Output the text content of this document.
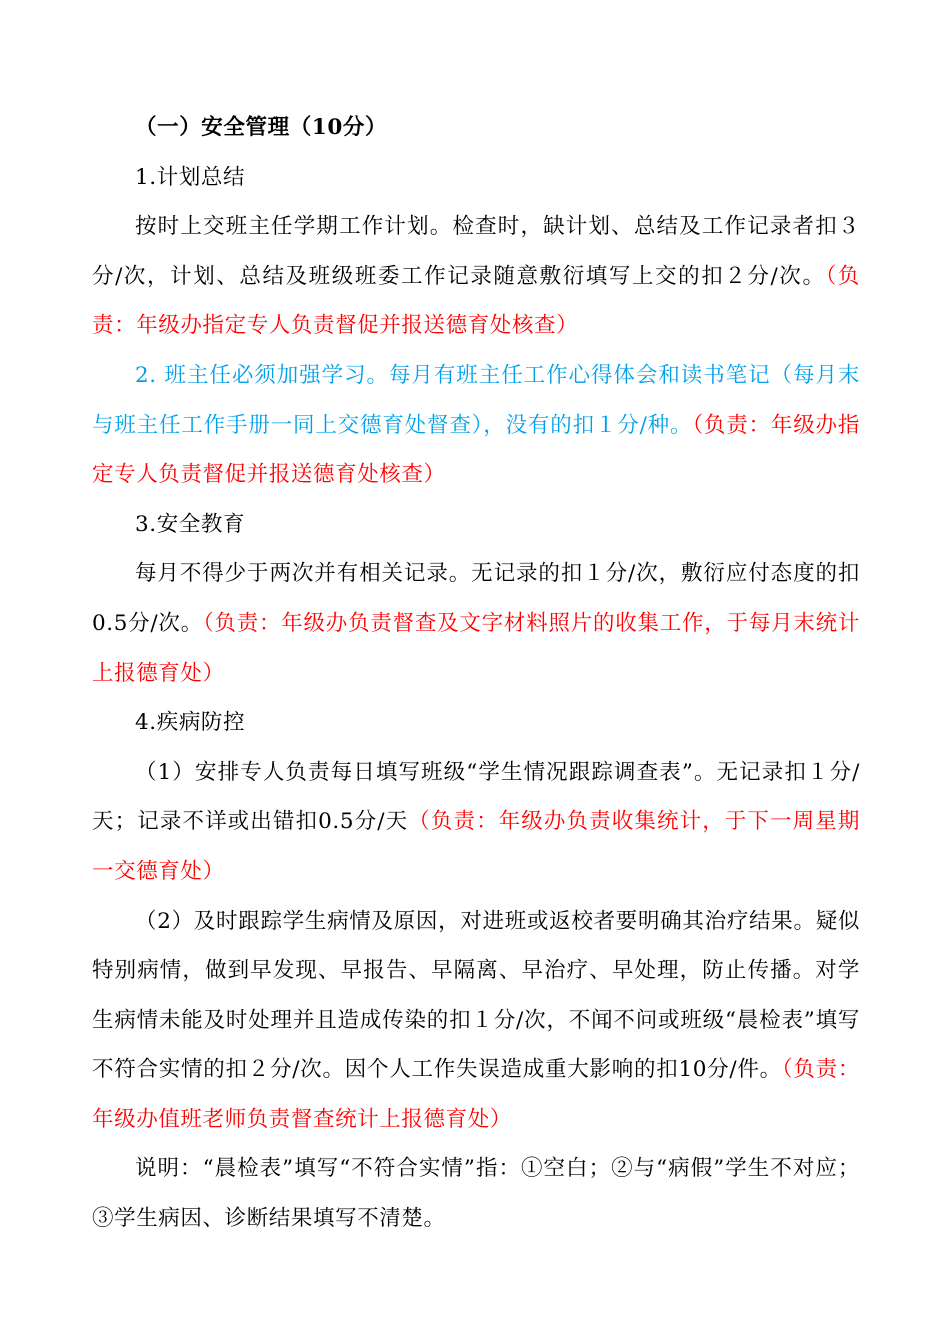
（一）安全管理（10分）

1.计划总结

按时上交班主任学期工作计划。检查时，缺计划、总结及工作记录者扣３分/次，计划、总结及班级班委工作记录随意敷衍填写上交的扣２分/次。（负责：年级办指定专人负责督促并报送德育处核查）

2. 班主任必须加强学习。每月有班主任工作心得体会和读书笔记（每月末与班主任工作手册一同上交德育处督查），没有的扣１分/种。（负责：年级办指定专人负责督促并报送德育处核查）

3.安全教育

每月不得少于两次并有相关记录。无记录的扣１分/次，敷衍应付态度的扣0.5分/次。（负责：年级办负责督查及文字材料照片的收集工作，于每月末统计上报德育处）

4.疾病防控

（1）安排专人负责每日填写班级“学生情况跟踪调查表”。无记录扣１分/天；记录不详或出错扣0.5分/天（负责：年级办负责收集统计，于下一周星期一交德育处）

（2）及时跟踪学生病情及原因，对进班或返校者要明确其治疗结果。疑似特别病情，做到早发现、早报告、早隔离、早治疗、早处理，防止传播。对学生病情未能及时处理并且造成传染的扣１分/次，不闻不问或班级“晨检表”填写不符合实情的扣２分/次。因个人工作失误造成重大影响的扣10分/件。（负责：年级办值班老师负责督查统计上报德育处）

说明：“晨检表”填写“不符合实情”指：①空白；②与“病假”学生不对应；③学生病因、诊断结果填写不清楚。
